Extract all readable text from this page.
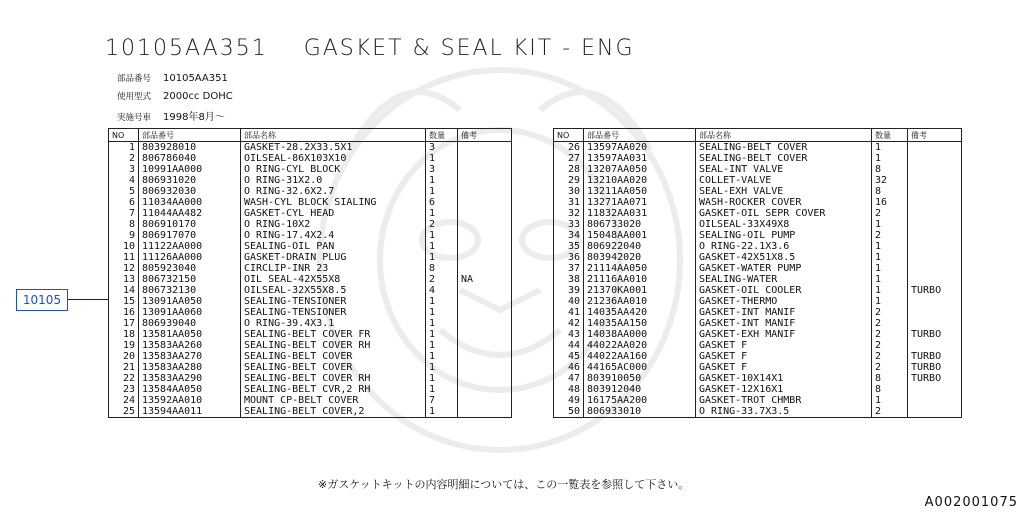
10105AA351 GASKET & SEAL KIT - ENG
部品番号 10105AA351
使用型式 2000cc DOHC
実施号車 1998年8月〜
NO	部品番号	部品名称	数量	備考
1	803928010	GASKET-28.2X33.5X1	3	
2	806786040	OILSEAL-86X103X10	1	
3	10991AA000	O RING-CYL BLOCK	3	
4	806931020	O RING-31X2.0	1	
5	806932030	O RING-32.6X2.7	1	
6	11034AA000	WASH-CYL BLOCK SIALING	6	
7	11044AA482	GASKET-CYL HEAD	1	
8	806910170	O RING-10X2	2	
9	806917070	O RING-17.4X2.4	1	
10	11122AA000	SEALING-OIL PAN	1	
11	11126AA000	GASKET-DRAIN PLUG	1	
12	805923040	CIRCLIP-INR 23	8	
13	806732150	OIL SEAL-42X55X8	2	NA
14	806732130	OILSEAL-32X55X8.5	4	
15	13091AA050	SEALING-TENSIONER	1	
16	13091AA060	SEALING-TENSIONER	1	
17	806939040	O RING-39.4X3.1	1	
18	13581AA050	SEALING-BELT COVER FR	1	
19	13583AA260	SEALING-BELT COVER RH	1	
20	13583AA270	SEALING-BELT COVER	1	
21	13583AA280	SEALING-BELT COVER	1	
22	13583AA290	SEALING-BELT COVER RH	1	
23	13584AA050	SEALING-BELT CVR,2 RH	1	
24	13592AA010	MOUNT CP-BELT COVER	7	
25	13594AA011	SEALING-BELT COVER,2	1	
NO	部品番号	部品名称	数量	備考
26	13597AA020	SEALING-BELT COVER	1	
27	13597AA031	SEALING-BELT COVER	1	
28	13207AA050	SEAL-INT VALVE	8	
29	13210AA020	COLLET-VALVE	32	
30	13211AA050	SEAL-EXH VALVE	8	
31	13271AA071	WASH-ROCKER COVER	16	
32	11832AA031	GASKET-OIL SEPR COVER	2	
33	806733020	OILSEAL-33X49X8	1	
34	15048AA001	SEALING-OIL PUMP	2	
35	806922040	O RING-22.1X3.6	1	
36	803942020	GASKET-42X51X8.5	1	
37	21114AA050	GASKET-WATER PUMP	1	
38	21116AA010	SEALING-WATER	1	
39	21370KA001	GASKET-OIL COOLER	1	TURBO
40	21236AA010	GASKET-THERMO	1	
41	14035AA420	GASKET-INT MANIF	2	
42	14035AA150	GASKET-INT MANIF	2	
43	14038AA000	GASKET-EXH MANIF	2	TURBO
44	44022AA020	GASKET F	2	
45	44022AA160	GASKET F	2	TURBO
46	44165AC000	GASKET F	2	TURBO
47	803910050	GASKET-10X14X1	8	TURBO
48	803912040	GASKET-12X16X1	8	
49	16175AA200	GASKET-TROT CHMBR	1	
50	806933010	O RING-33.7X3.5	2	
10105
※ガスケットキットの内容明細については、この一覧表を参照して下さい。
A002001075
